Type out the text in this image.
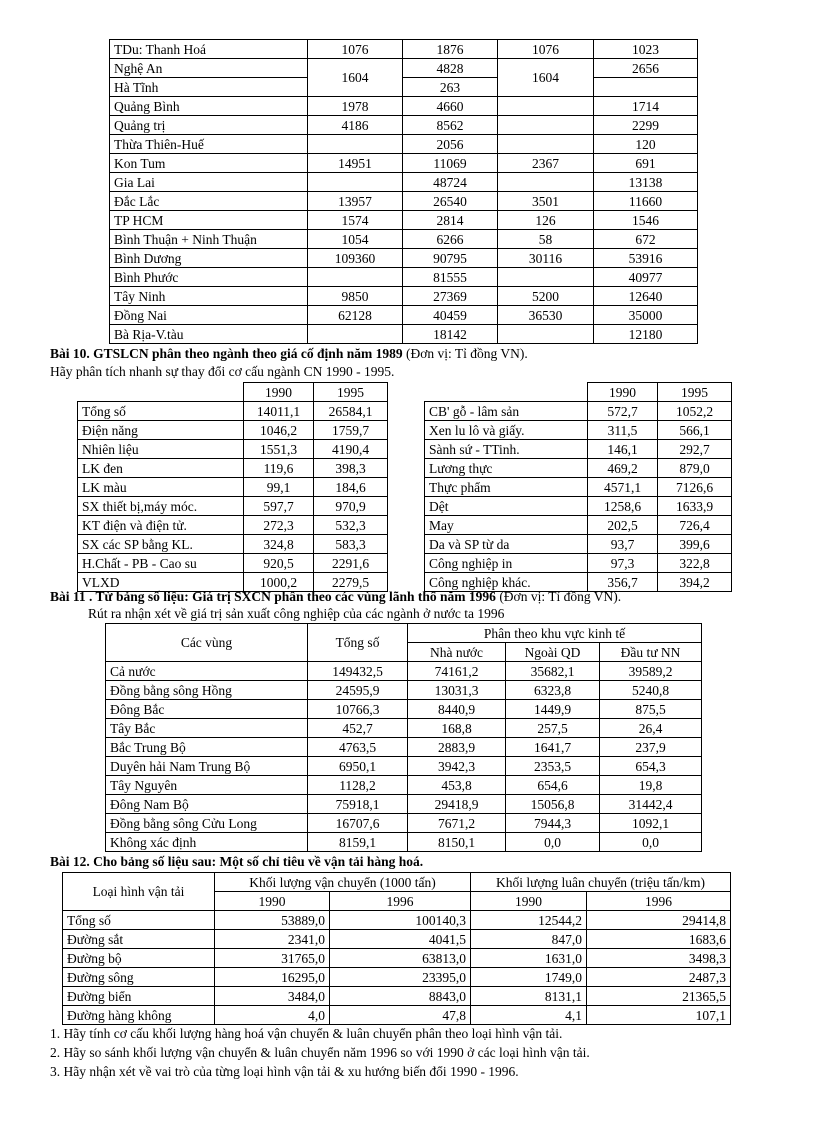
TDu: Thanh Hoá	1076	1876	1076	1023
Nghệ An	1604	4828	1604	2656
Hà Tĩnh		263		
Quảng Bình	1978	4660		1714
Quảng trị	4186	8562		2299
Thừa Thiên-Huế		2056		120
Kon Tum	14951	11069	2367	691
Gia Lai		48724		13138
Đắc Lắc	13957	26540	3501	11660
TP HCM	1574	2814	126	1546
Bình Thuận + Ninh Thuận	1054	6266	58	672
Bình Dương	109360	90795	30116	53916
Bình Phước		81555		40977
Tây Ninh	9850	27369	5200	12640
Đồng Nai	62128	40459	36530	35000
Bà Rịa-V.tàu		18142		12180
Bài 10. GTSLCN phân theo ngành theo giá cố định năm 1989 (Đơn vị: Tỉ đồng VN).
Hãy phân tích nhanh sự thay đổi cơ cấu ngành CN 1990 - 1995.
	1990	1995
Tổng số	14011,1	26584,1
Điện năng	1046,2	1759,7
Nhiên liệu	1551,3	4190,4
LK đen	119,6	398,3
LK màu	99,1	184,6
SX thiết bị,máy móc.	597,7	970,9
KT điện và điện tử.	272,3	532,3
SX các SP bằng KL.	324,8	583,3
H.Chất - PB - Cao su	920,5	2291,6
VLXD	1000,2	2279,5
	1990	1995
CB' gỗ - lâm sản	572,7	1052,2
Xen lu lô và giấy.	311,5	566,1
Sành sứ - TTinh.	146,1	292,7
Lương thực	469,2	879,0
Thực phẩm	4571,1	7126,6
Dệt	1258,6	1633,9
May	202,5	726,4
Da và SP từ da	93,7	399,6
Công nghiệp in	97,3	322,8
Công nghiệp khác.	356,7	394,2
Bài 11 . Từ bảng số liệu: Giá trị SXCN phân theo các vùng lãnh thổ năm 1996 (Đơn vị: Tỉ đồng VN).
Rút ra nhận xét về giá trị sản xuất công nghiệp của các ngành ở nước ta 1996
Các vùng	Tổng số	Phân theo khu vực kinh tế		
		Nhà nước	Ngoài QD	Đầu tư NN
Cả nước	149432,5	74161,2	35682,1	39589,2
Đồng bằng sông Hồng	24595,9	13031,3	6323,8	5240,8
Đông Bắc	10766,3	8440,9	1449,9	875,5
Tây Bắc	452,7	168,8	257,5	26,4
Bắc Trung Bộ	4763,5	2883,9	1641,7	237,9
Duyên hải Nam Trung Bộ	6950,1	3942,3	2353,5	654,3
Tây Nguyên	1128,2	453,8	654,6	19,8
Đông Nam Bộ	75918,1	29418,9	15056,8	31442,4
Đồng bằng sông Cửu Long	16707,6	7671,2	7944,3	1092,1
Không xác định	8159,1	8150,1	0,0	0,0
Bài 12. Cho bảng số liệu sau: Một số chỉ tiêu về vận tải hàng hoá.
Loại hình vận tải	Khối lượng vận chuyển (1000 tấn)		Khối lượng luân chuyển (triệu tấn/km)	
	1990	1996	1990	1996
Tổng số	53889,0	100140,3	12544,2	29414,8
Đường sắt	2341,0	4041,5	847,0	1683,6
Đường bộ	31765,0	63813,0	1631,0	3498,3
Đường sông	16295,0	23395,0	1749,0	2487,3
Đường biển	3484,0	8843,0	8131,1	21365,5
Đường hàng không	4,0	47,8	4,1	107,1
1. Hãy tính cơ cấu khối lượng hàng hoá vận chuyển & luân chuyển phân theo loại hình vận tải.
2. Hãy so sánh khối lượng vận chuyển & luân chuyển năm 1996 so với 1990 ở các loại hình vận tải.
3. Hãy nhận xét về vai trò của từng loại hình vận tải & xu hướng biến đổi 1990 - 1996.
